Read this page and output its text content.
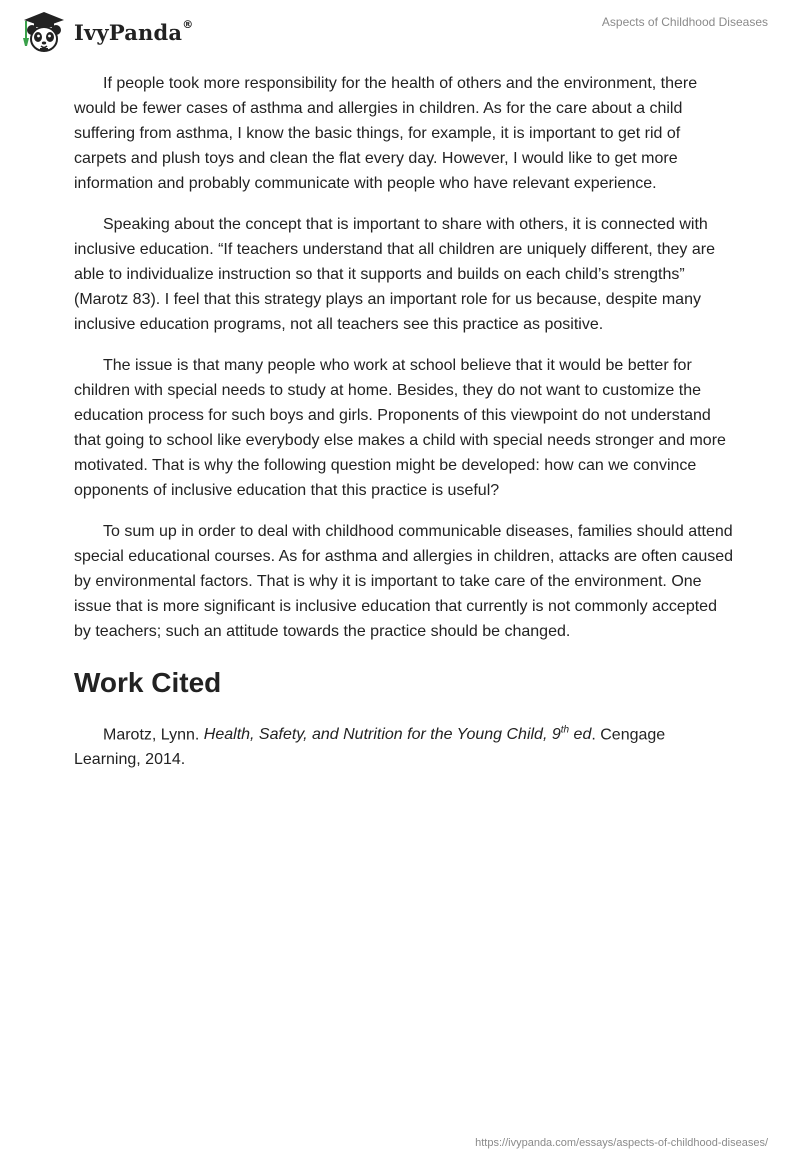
IvyPanda®	Aspects of Childhood Diseases

If people took more responsibility for the health of others and the environment, there would be fewer cases of asthma and allergies in children. As for the care about a child suffering from asthma, I know the basic things, for example, it is important to get rid of carpets and plush toys and clean the flat every day. However, I would like to get more information and probably communicate with people who have relevant experience.

Speaking about the concept that is important to share with others, it is connected with inclusive education. “If teachers understand that all children are uniquely different, they are able to individualize instruction so that it supports and builds on each child’s strengths” (Marotz 83). I feel that this strategy plays an important role for us because, despite many inclusive education programs, not all teachers see this practice as positive.

The issue is that many people who work at school believe that it would be better for children with special needs to study at home. Besides, they do not want to customize the education process for such boys and girls. Proponents of this viewpoint do not understand that going to school like everybody else makes a child with special needs stronger and more motivated. That is why the following question might be developed: how can we convince opponents of inclusive education that this practice is useful?

To sum up in order to deal with childhood communicable diseases, families should attend special educational courses. As for asthma and allergies in children, attacks are often caused by environmental factors. That is why it is important to take care of the environment. One issue that is more significant is inclusive education that currently is not commonly accepted by teachers; such an attitude towards the practice should be changed.

Work Cited

Marotz, Lynn. Health, Safety, and Nutrition for the Young Child, 9th ed. Cengage Learning, 2014.

https://ivypanda.com/essays/aspects-of-childhood-diseases/
